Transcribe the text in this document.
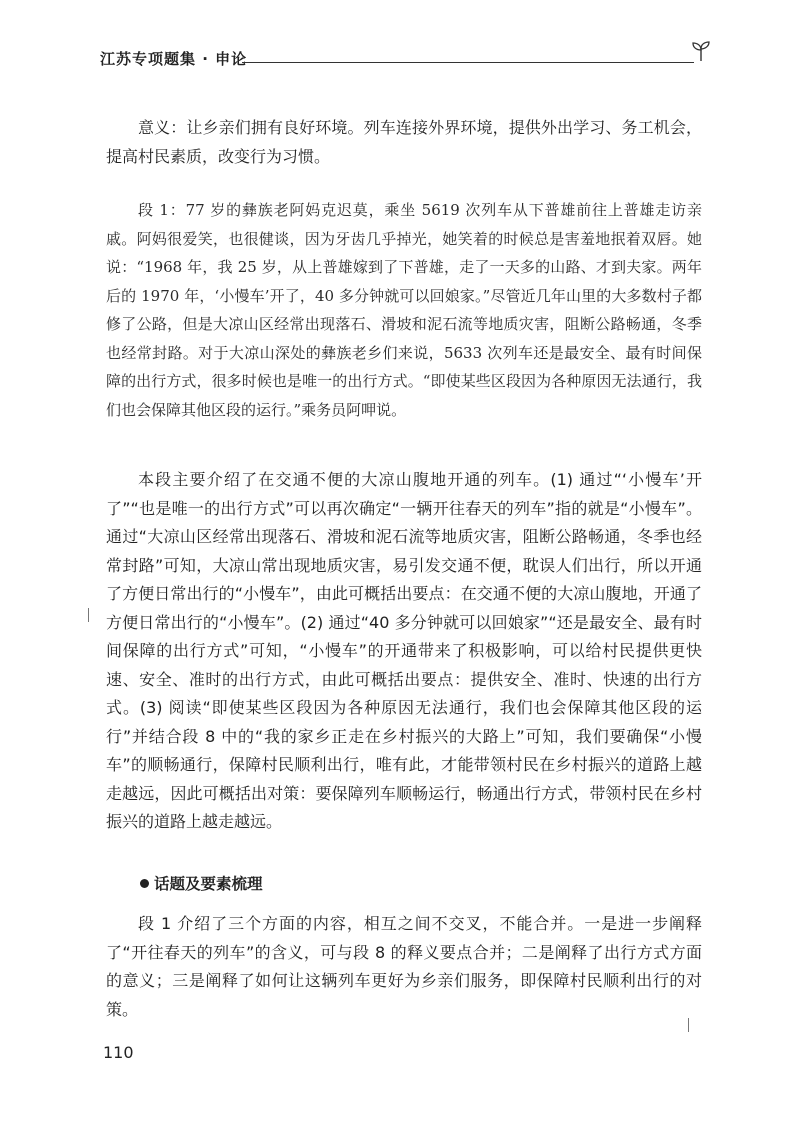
江苏专项题集 · 申论
意义：让乡亲们拥有良好环境。列车连接外界环境，提供外出学习、务工机会，提高村民素质，改变行为习惯。
段 1：77 岁的彝族老阿妈克迟莫，乘坐 5619 次列车从下普雄前往上普雄走访亲戚。阿妈很爱笑，也很健谈，因为牙齿几乎掉光，她笑着的时候总是害羞地抿着双唇。她说：“1968 年，我 25 岁，从上普雄嫁到了下普雄，走了一天多的山路、才到夫家。两年后的 1970 年，‘小慢车’开了，40 多分钟就可以回娘家。”尽管近几年山里的大多数村子都修了公路，但是大凉山区经常出现落石、滑坡和泥石流等地质灾害，阻断公路畅通，冬季也经常封路。对于大凉山深处的彝族老乡们来说，5633 次列车还是最安全、最有时间保障的出行方式，很多时候也是唯一的出行方式。“即使某些区段因为各种原因无法通行，我们也会保障其他区段的运行。”乘务员阿呷说。
本段主要介绍了在交通不便的大凉山腹地开通的列车。(1) 通过“‘小慢车’开了”“也是唯一的出行方式”可以再次确定“一辆开往春天的列车”指的就是“小慢车”。通过“大凉山区经常出现落石、滑坡和泥石流等地质灾害，阻断公路畅通，冬季也经常封路”可知，大凉山常出现地质灾害，易引发交通不便，耽误人们出行，所以开通了方便日常出行的“小慢车”，由此可概括出要点：在交通不便的大凉山腹地，开通了方便日常出行的“小慢车”。(2) 通过“40 多分钟就可以回娘家”“还是最安全、最有时间保障的出行方式”可知，“小慢车”的开通带来了积极影响，可以给村民提供更快速、安全、准时的出行方式，由此可概括出要点：提供安全、准时、快速的出行方式。(3) 阅读“即使某些区段因为各种原因无法通行，我们也会保障其他区段的运行”并结合段 8 中的“我的家乡正走在乡村振兴的大路上”可知，我们要确保“小慢车”的顺畅通行，保障村民顺利出行，唯有此，才能带领村民在乡村振兴的道路上越走越远，因此可概括出对策：要保障列车顺畅运行，畅通出行方式，带领村民在乡村振兴的道路上越走越远。
话题及要素梳理
段 1 介绍了三个方面的内容，相互之间不交叉，不能合并。一是进一步阐释了“开往春天的列车”的含义，可与段 8 的释义要点合并；二是阐释了出行方式方面的意义；三是阐释了如何让这辆列车更好为乡亲们服务，即保障村民顺利出行的对策。
110
